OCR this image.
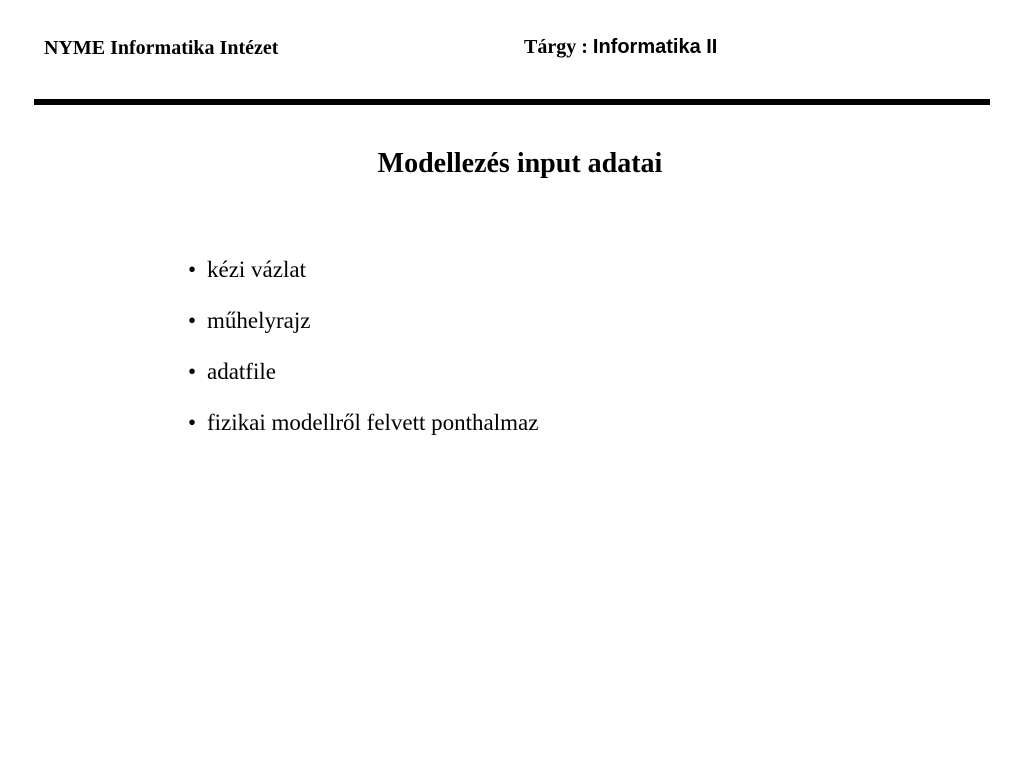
NYME Informatika Intézet	Tárgy : Informatika II
Modellezés input adatai
• kézi vázlat
• műhelyrajz
• adatfile
• fizikai modellről felvett ponthalmaz
